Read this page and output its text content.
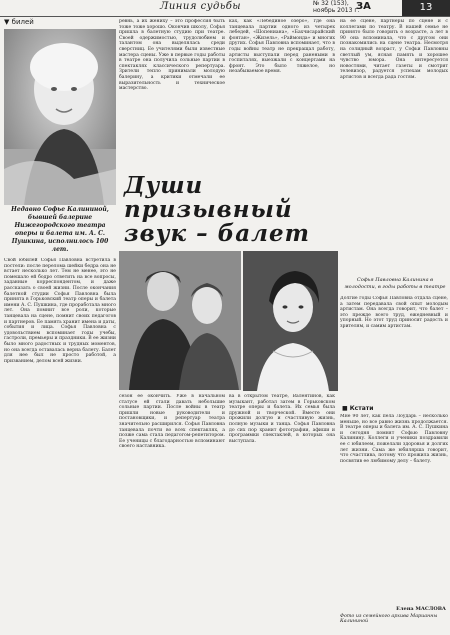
Линия судьбы	№ 32 (153),
ноябрь 2013 г.
ЗА	13
▼ билей
Недавно Софье Калининой, бывшей балерине Нижегородского театра оперы и балета им. А. С. Пушкина, исполнилось 100 лет.
Свой юбилей Софья Павловна встретила в постели: после перелома шейки бедра она не встает несколько лет. Тем не менее, это не помешало ей бодро ответить на все вопросы, заданные корреспондентом, и даже рассказать о своей жизни. После окончания балетной студии Софья Павловна была принята в Горьковский театр оперы и балета имени А. С. Пушкина, где проработала много лет. Она помнит все роли, которые танцевала на сцене, помнит своих педагогов и партнеров. Ее память хранит имена и даты, события и лица. Софья Павловна с удовольствием вспоминает годы учебы, гастроли, премьеры и праздники. В ее жизни было много радостных и трудных моментов, но она всегда оставалась верна балету. Балет для нее был не просто работой, а призванием, делом всей жизни.
ревнь, а их жениху – это профессия быть тоже тоже хорошо. Окончив школу, Софья пришла в балетную студию при театре. Своей одержимостью, трудолюбием и талантом она выделялась среди сверстниц. Ее учителями были известные мастера сцены. Уже в первые годы работы в театре она получила сольные партии в спектаклях классического репертуара. Зрители тепло принимали молодую балерину, а критики отмечали ее выразительность и техническое мастерство.
ках, как «Лебединое озеро», где она танцевала партии одного из четырех лебедей, «Шопениана», «Бахчисарайский фонтан», «Жизель», «Раймонда» и многих других. Софья Павловна вспоминает, что в годы войны театр не прекращал работу, артисты выступали перед ранеными в госпиталях, выезжали с концертами на фронт. Это было тяжелое, но незабываемое время.
на ее сцене, партнеры по сцене и с коллегами по театру. В нашей семье не принято было говорить о возрасте, а лет в 90 она вспоминала, что с другом они познакомились на сцене театра. Несмотря на солидный возраст, у Софьи Павловны светлый ум, ясная память и хорошее чувство юмора. Она интересуется новостями, читает газеты и смотрит телевизор, радуется успехам молодых артистов и всегда рада гостям.
Души призывный
звук – балет
Софья Павловна Калинина в молодости, в годы работы в театре
сезон ее окончить. Уже в начальном статусе ей стали давать небольшие сольные партии. После войны в театр пришли новые руководители и постановщики, и репертуар театра значительно расширился. Софья Павловна танцевала почти во всех спектаклях, а позже сама стала педагогом-репетитором. Ее ученицы с благодарностью вспоминают своего наставника.
ва в открытом театре, Валентинов, как музыкант, работал затем в Горьковском театре оперы и балета. Их семья была дружной и творческой. Вместе они прожили долгую и счастливую жизнь, полную музыки и танца. Софья Павловна до сих пор хранит фотографии, афиши и программки спектаклей, в которых она выступала.
Долгие годы Софья Павловна отдала сцене, а затем передавала свой опыт молодым артистам. Она всегда говорит, что балет – это прежде всего труд, ежедневный и упорный. Но этот труд приносит радость и зрителям, и самим артистам.
■ Кстати
Мне 90 лет, как пела Лоударь – несколько меньше, но все равно жизнь продолжается. В театре оперы и балета им. А. С. Пушкина и сегодня помнят Софью Павловну Калинину. Коллеги и ученики поздравили ее с юбилеем, пожелали здоровья и долгих лет жизни. Сама же юбилярша говорит, что счастлива, потому что прожила жизнь, посвятив ее любимому делу – балету.
Елена МАСЛОВА
Фото из семейного архива Марианны Калининой
